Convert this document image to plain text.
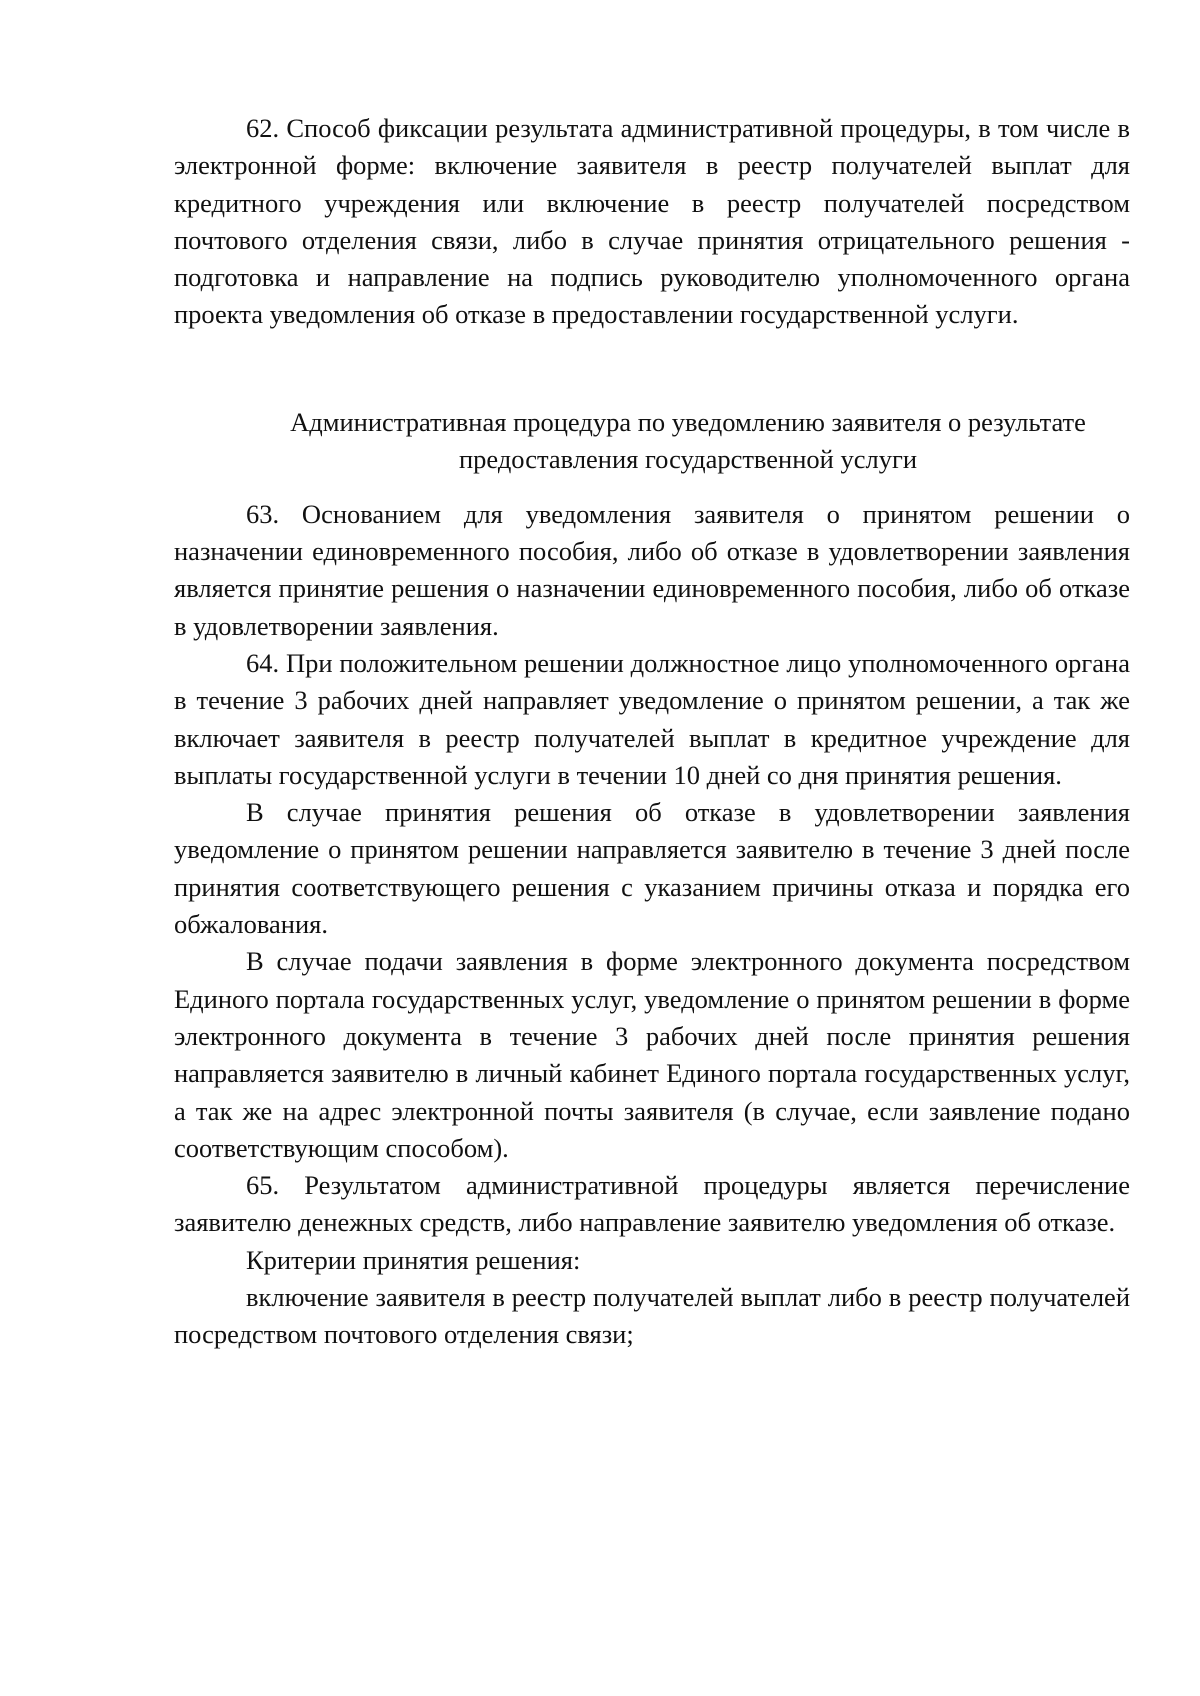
62. Способ фиксации результата административной процедуры, в том числе в электронной форме: включение заявителя в реестр получателей выплат для кредитного учреждения или включение в реестр получателей посредством почтового отделения связи, либо в случае принятия отрицательного решения - подготовка и направление на подпись руководителю уполномоченного органа проекта уведомления об отказе в предоставлении государственной услуги.

Административная процедура по уведомлению заявителя о результате
предоставления государственной услуги

63. Основанием для уведомления заявителя о принятом решении о назначении единовременного пособия, либо об отказе в удовлетворении заявления является принятие решения о назначении единовременного пособия, либо об отказе в удовлетворении заявления.

64. При положительном решении должностное лицо уполномоченного органа в течение 3 рабочих дней направляет уведомление о принятом решении, а так же включает заявителя в реестр получателей выплат в кредитное учреждение для выплаты государственной услуги в течении 10 дней со дня принятия решения.

В случае принятия решения об отказе в удовлетворении заявления уведомление о принятом решении направляется заявителю в течение 3 дней после принятия соответствующего решения с указанием причины отказа и порядка его обжалования.

В случае подачи заявления в форме электронного документа посредством Единого портала государственных услуг, уведомление о принятом решении в форме электронного документа в течение 3 рабочих дней после принятия решения направляется заявителю в личный кабинет Единого портала государственных услуг, а так же на адрес электронной почты заявителя (в случае, если заявление подано соответствующим способом).

65. Результатом административной процедуры является перечисление заявителю денежных средств, либо направление заявителю уведомления об отказе.

Критерии принятия решения:

включение заявителя в реестр получателей выплат либо в реестр получателей посредством почтового отделения связи;
